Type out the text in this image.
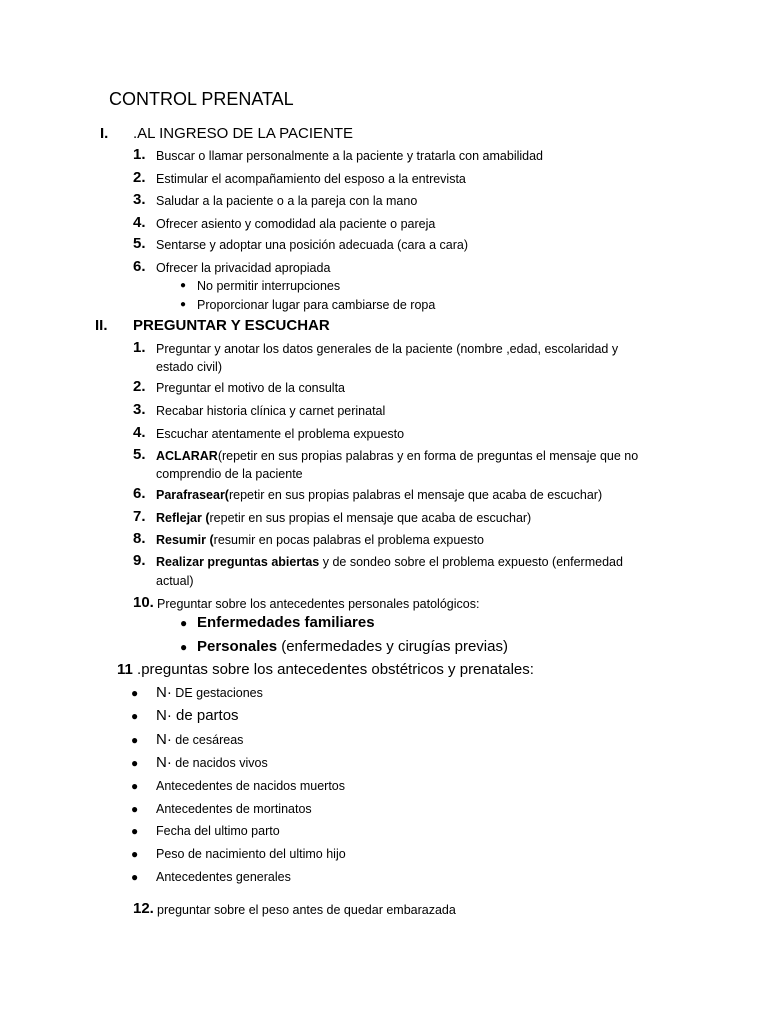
CONTROL PRENATAL
I. .AL INGRESO DE LA PACIENTE
1. Buscar o llamar personalmente a la paciente y tratarla con amabilidad
2. Estimular el acompañamiento del esposo a la entrevista
3. Saludar a la paciente o a la pareja con la mano
4. Ofrecer asiento y comodidad ala paciente o pareja
5. Sentarse y adoptar una posición adecuada (cara a cara)
6. Ofrecer la privacidad apropiada
● No permitir interrupciones
● Proporcionar lugar para cambiarse de ropa
II. PREGUNTAR Y ESCUCHAR
1. Preguntar y anotar los datos generales de la paciente (nombre ,edad, escolaridad y
estado civil)
2. Preguntar el motivo de la consulta
3. Recabar historia clínica y carnet perinatal
4. Escuchar atentamente el problema expuesto
5. ACLARAR(repetir en sus propias palabras y en forma de preguntas el mensaje que no
comprendio de la paciente
6. Parafrasear(repetir en sus propias palabras el mensaje que acaba de escuchar)
7. Reflejar (repetir en sus propias el mensaje que acaba de escuchar)
8. Resumir (resumir en pocas palabras el problema expuesto
9. Realizar preguntas abiertas y de sondeo sobre el problema expuesto (enfermedad
actual)
10. Preguntar sobre los antecedentes personales patológicos:
● Enfermedades familiares
● Personales (enfermedades y cirugías previas)
11 .preguntas sobre los antecedentes obstétricos y prenatales:
● N· DE gestaciones
● N· de partos
● N· de cesáreas
● N· de nacidos vivos
● Antecedentes de nacidos muertos
● Antecedentes de mortinatos
● Fecha del ultimo parto
● Peso de nacimiento del ultimo hijo
● Antecedentes generales
12. preguntar sobre el peso antes de quedar embarazada
